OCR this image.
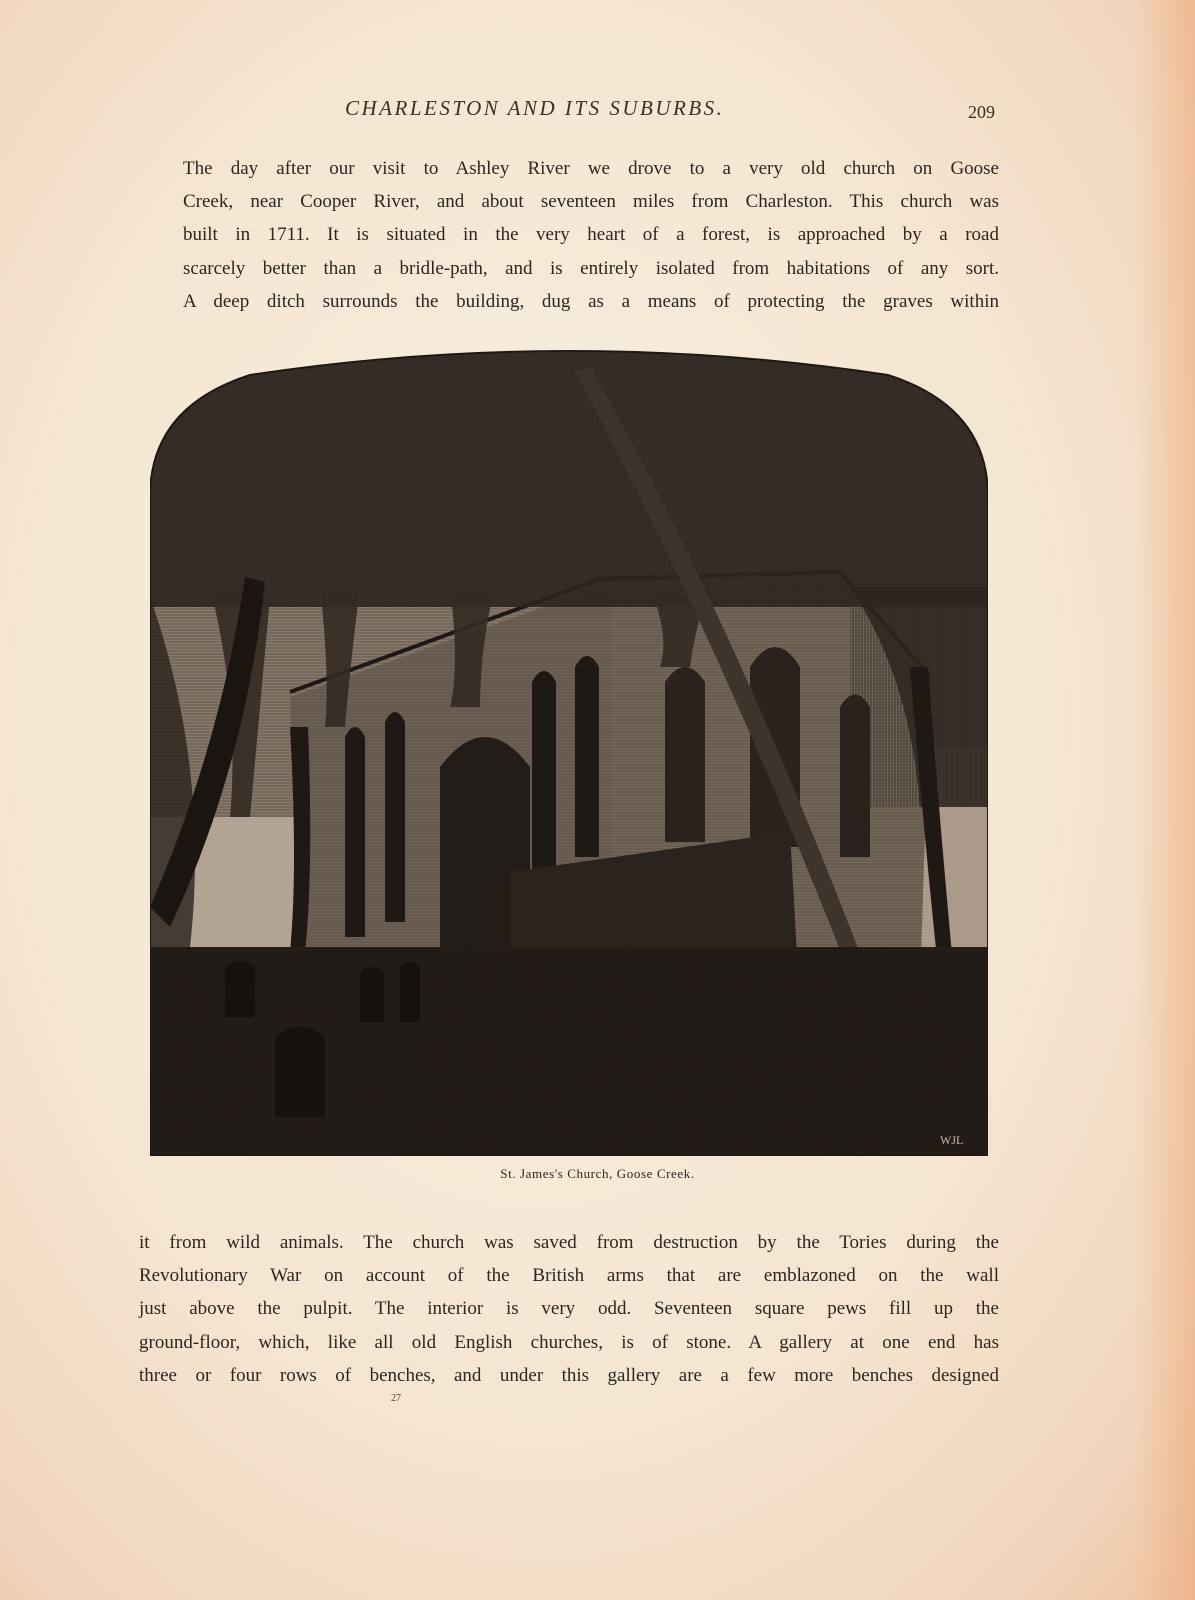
CHARLESTON AND ITS SUBURBS.	209
The day after our visit to Ashley River we drove to a very old church on Goose
Creek, near Cooper River, and about seventeen miles from Charleston. This church was
built in 1711. It is situated in the very heart of a forest, is approached by a road
scarcely better than a bridle-path, and is entirely isolated from habitations of any sort.
A deep ditch surrounds the building, dug as a means of protecting the graves within
WJL
St. James's Church, Goose Creek.
it from wild animals. The church was saved from destruction by the Tories during the
Revolutionary War on account of the British arms that are emblazoned on the wall
just above the pulpit. The interior is very odd. Seventeen square pews fill up the
ground-floor, which, like all old English churches, is of stone. A gallery at one end has
three or four rows of benches, and under this gallery are a few more benches designed
27
